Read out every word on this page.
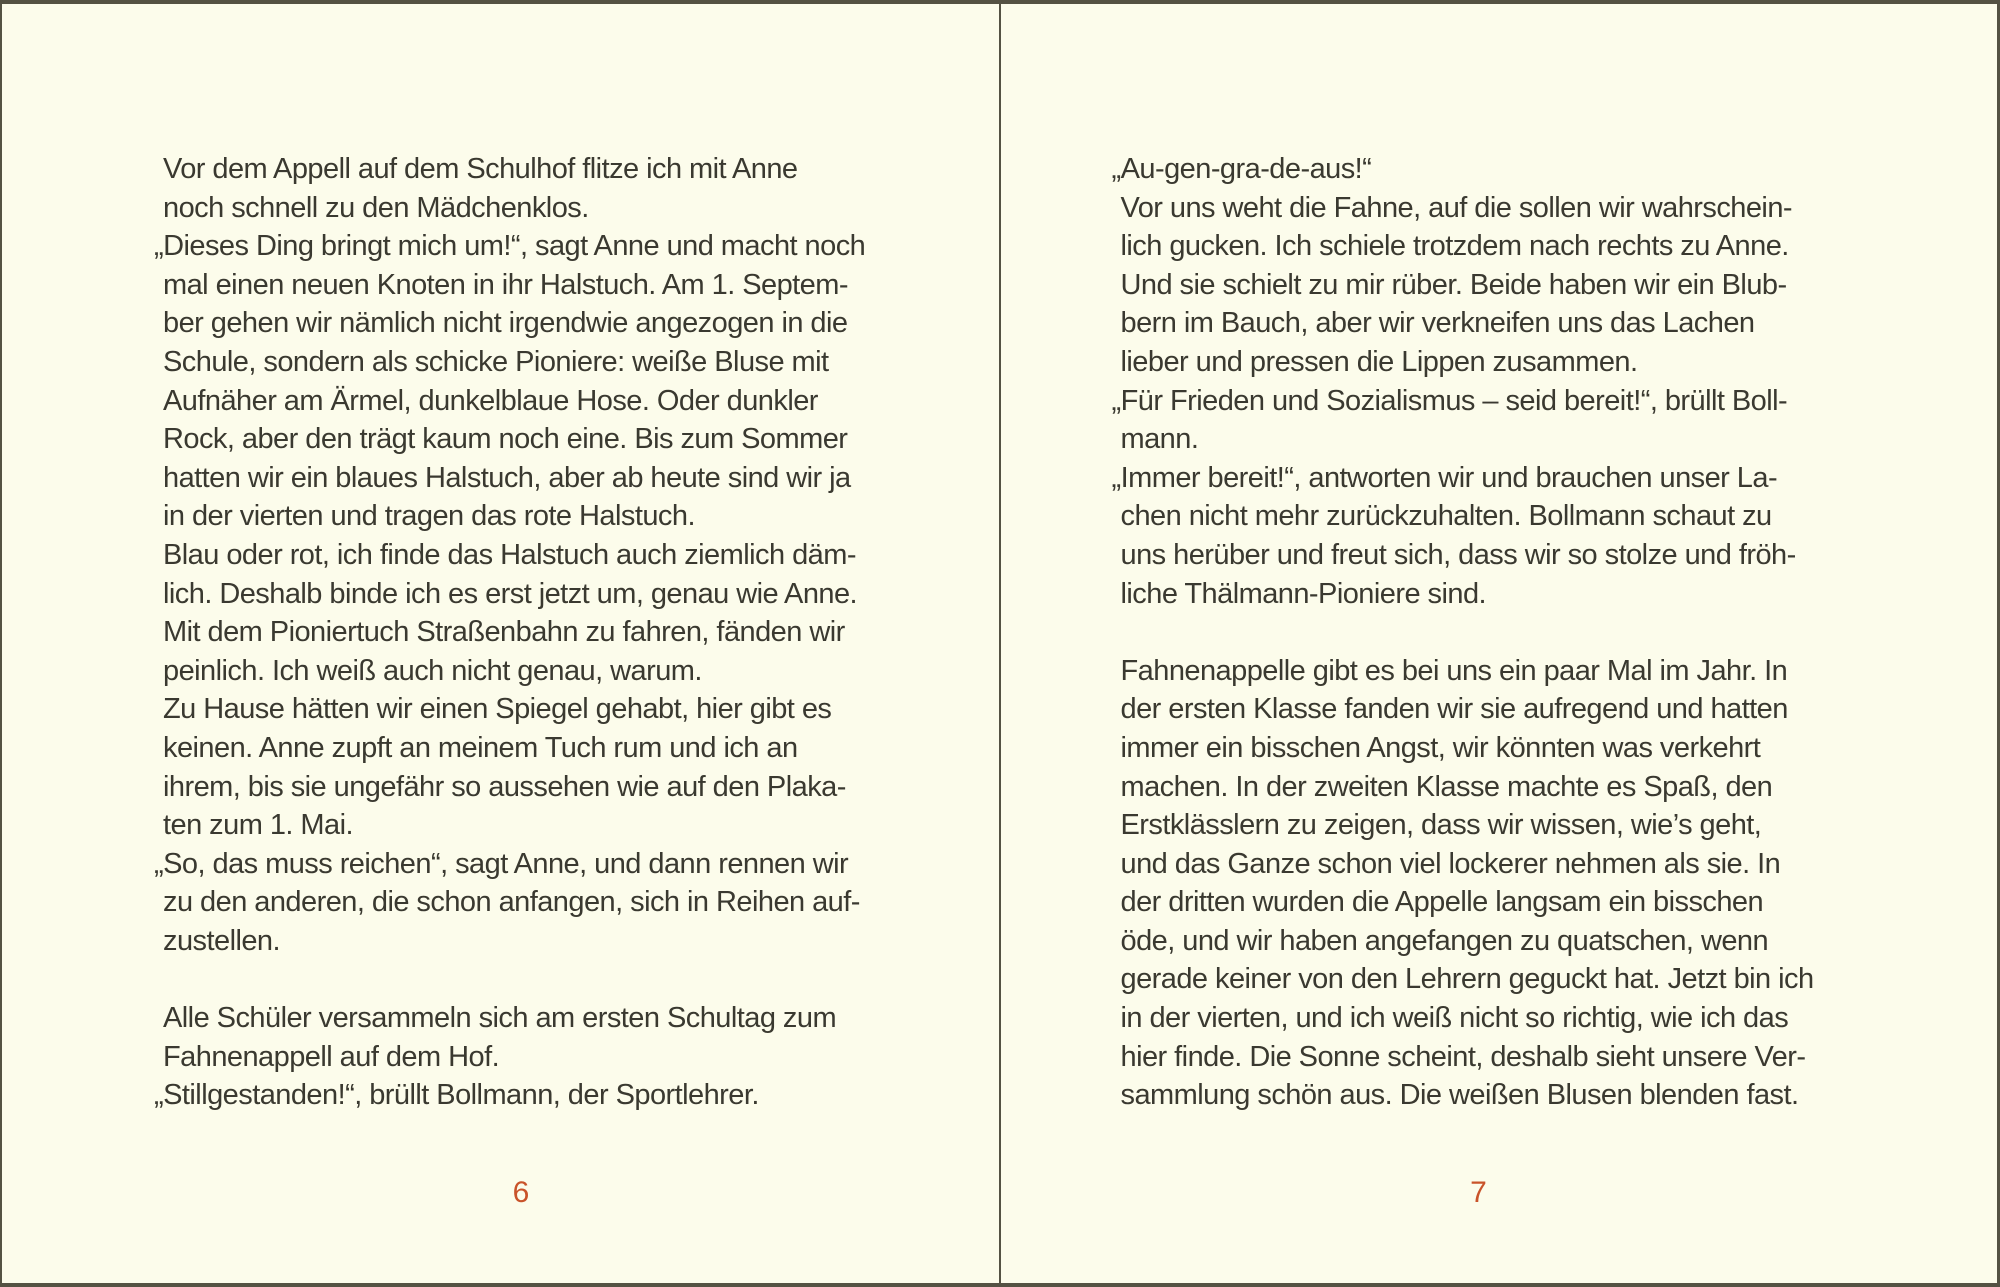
Vor dem Appell auf dem Schulhof flitze ich mit Anne
noch schnell zu den Mädchenklos.
„Dieses Ding bringt mich um!“, sagt Anne und macht noch
mal einen neuen Knoten in ihr Halstuch. Am 1. Septem-
ber gehen wir nämlich nicht irgendwie angezogen in die
Schule, sondern als schicke Pioniere: weiße Bluse mit
Aufnäher am Ärmel, dunkelblaue Hose. Oder dunkler
Rock, aber den trägt kaum noch eine. Bis zum Sommer
hatten wir ein blaues Halstuch, aber ab heute sind wir ja
in der vierten und tragen das rote Halstuch.
Blau oder rot, ich finde das Halstuch auch ziemlich däm-
lich. Deshalb binde ich es erst jetzt um, genau wie Anne.
Mit dem Pioniertuch Straßenbahn zu fahren, fänden wir
peinlich. Ich weiß auch nicht genau, warum.
Zu Hause hätten wir einen Spiegel gehabt, hier gibt es
keinen. Anne zupft an meinem Tuch rum und ich an
ihrem, bis sie ungefähr so aussehen wie auf den Plaka-
ten zum 1. Mai.
„So, das muss reichen“, sagt Anne, und dann rennen wir
zu den anderen, die schon anfangen, sich in Reihen auf-
zustellen.

Alle Schüler versammeln sich am ersten Schultag zum
Fahnenappell auf dem Hof.
„Stillgestanden!“, brüllt Bollmann, der Sportlehrer.
6
„Au-gen-gra-de-aus!“
Vor uns weht die Fahne, auf die sollen wir wahrschein-
lich gucken. Ich schiele trotzdem nach rechts zu Anne.
Und sie schielt zu mir rüber. Beide haben wir ein Blub-
bern im Bauch, aber wir verkneifen uns das Lachen
lieber und pressen die Lippen zusammen.
„Für Frieden und Sozialismus – seid bereit!“, brüllt Boll-
mann.
„Immer bereit!“, antworten wir und brauchen unser La-
chen nicht mehr zurückzuhalten. Bollmann schaut zu
uns herüber und freut sich, dass wir so stolze und fröh-
liche Thälmann-Pioniere sind.

Fahnenappelle gibt es bei uns ein paar Mal im Jahr. In
der ersten Klasse fanden wir sie aufregend und hatten
immer ein bisschen Angst, wir könnten was verkehrt
machen. In der zweiten Klasse machte es Spaß, den
Erstklässlern zu zeigen, dass wir wissen, wie’s geht,
und das Ganze schon viel lockerer nehmen als sie. In
der dritten wurden die Appelle langsam ein bisschen
öde, und wir haben angefangen zu quatschen, wenn
gerade keiner von den Lehrern geguckt hat. Jetzt bin ich
in der vierten, und ich weiß nicht so richtig, wie ich das
hier finde. Die Sonne scheint, deshalb sieht unsere Ver-
sammlung schön aus. Die weißen Blusen blenden fast.
7
